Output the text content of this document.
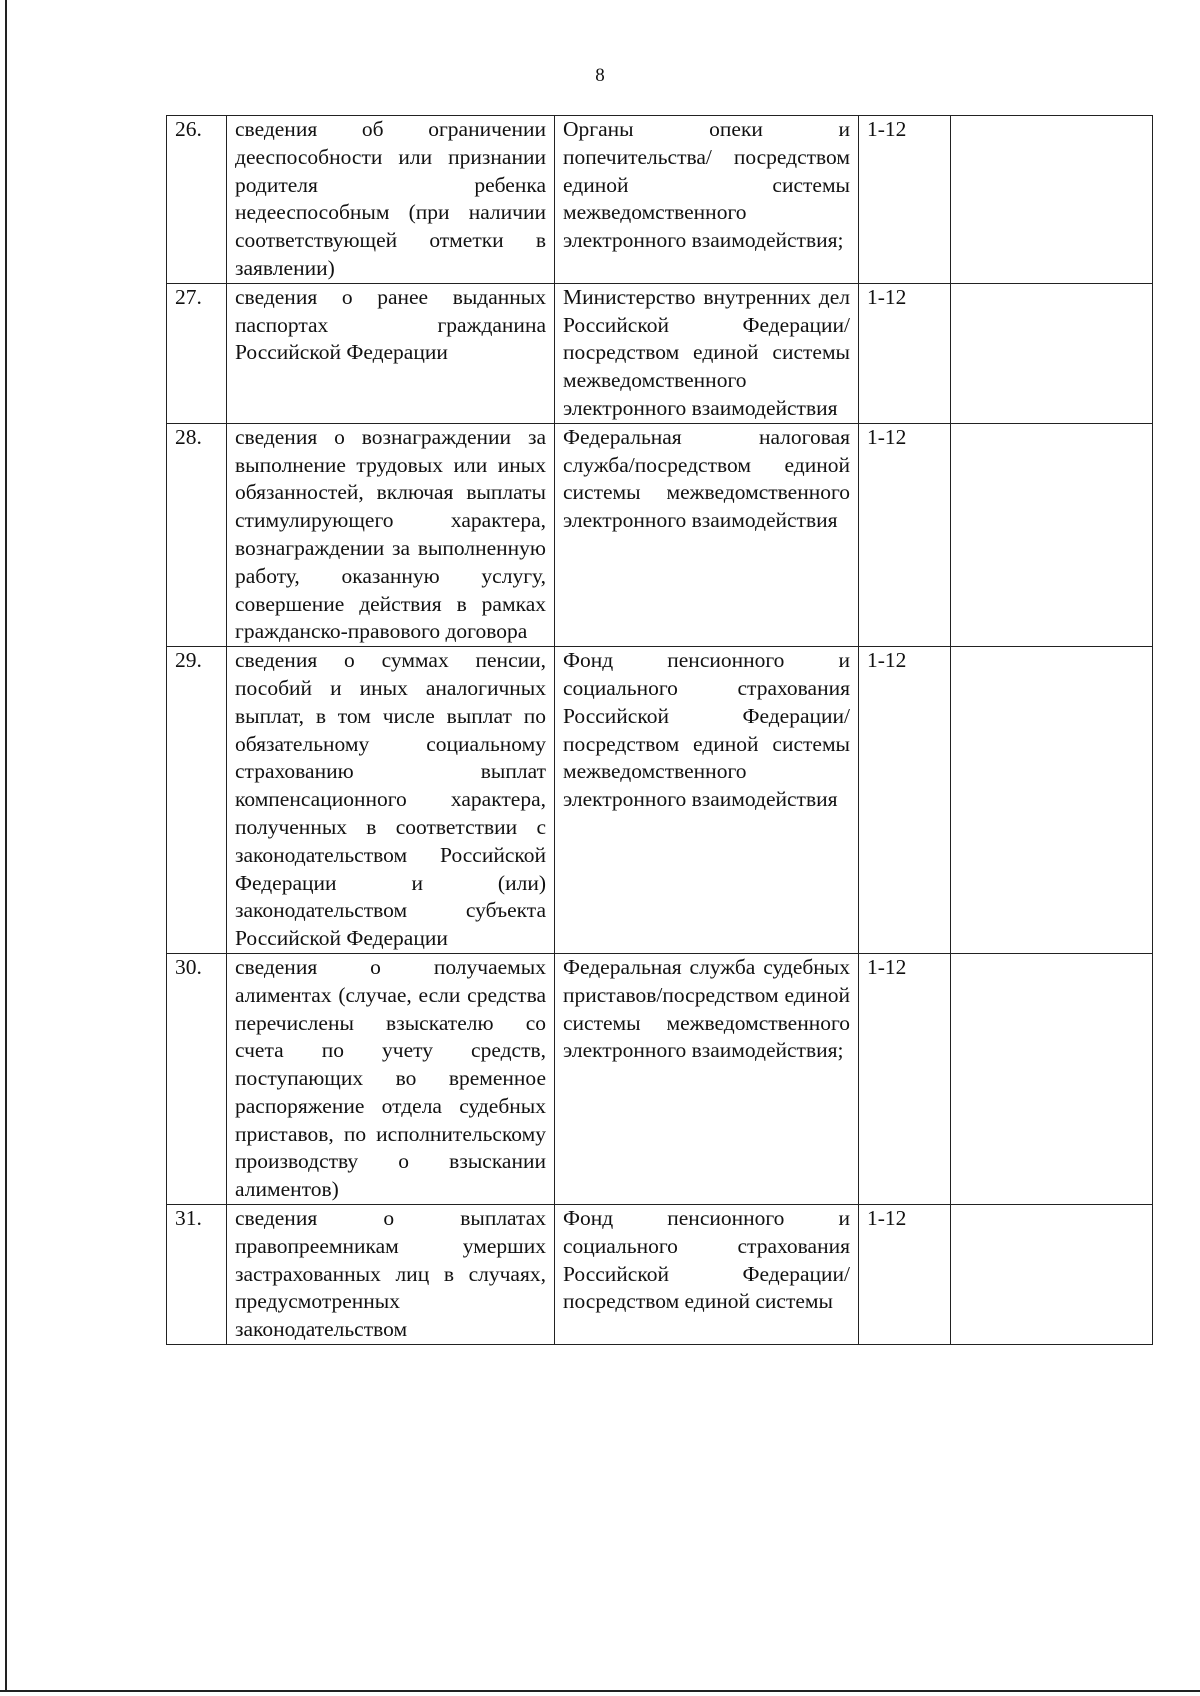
8
26.	сведения об ограничении дееспособности или признании родителя ребенка недееспособным (при наличии соответствующей отметки в заявлении)	Органы опеки и попечительства/ посредством единой системы межведомственного электронного взаимодействия;	1-12	
27.	сведения о ранее выданных паспортах гражданина Российской Федерации	Министерство внутренних дел Российской Федерации/посредством единой системы межведомственного электронного взаимодействия	1-12	
28.	сведения о вознаграждении за выполнение трудовых или иных обязанностей, включая выплаты стимулирующего характера, вознаграждении за выполненную работу, оказанную услугу, совершение действия в рамках гражданско-правового договора	Федеральная налоговая служба/посредством единой системы межведомственного электронного взаимодействия	1-12	
29.	сведения о суммах пенсии, пособий и иных аналогичных выплат, в том числе выплат по обязательному социальному страхованию выплат компенсационного характера, полученных в соответствии с законодательством Российской Федерации и (или) законодательством субъекта Российской Федерации	Фонд пенсионного и социального страхования Российской Федерации/посредством единой системы межведомственного электронного взаимодействия	1-12	
30.	сведения о получаемых алиментах (случае, если средства перечислены взыскателю со счета по учету средств, поступающих во временное распоряжение отдела судебных приставов, по исполнительскому производству о взыскании алиментов)	Федеральная служба судебных приставов/посредством единой системы межведомственного электронного взаимодействия;	1-12	
31.	сведения о выплатах правопреемникам умерших застрахованных лиц в случаях, предусмотренных законодательством	Фонд пенсионного и социального страхования Российской Федерации/посредством единой системы	1-12	
